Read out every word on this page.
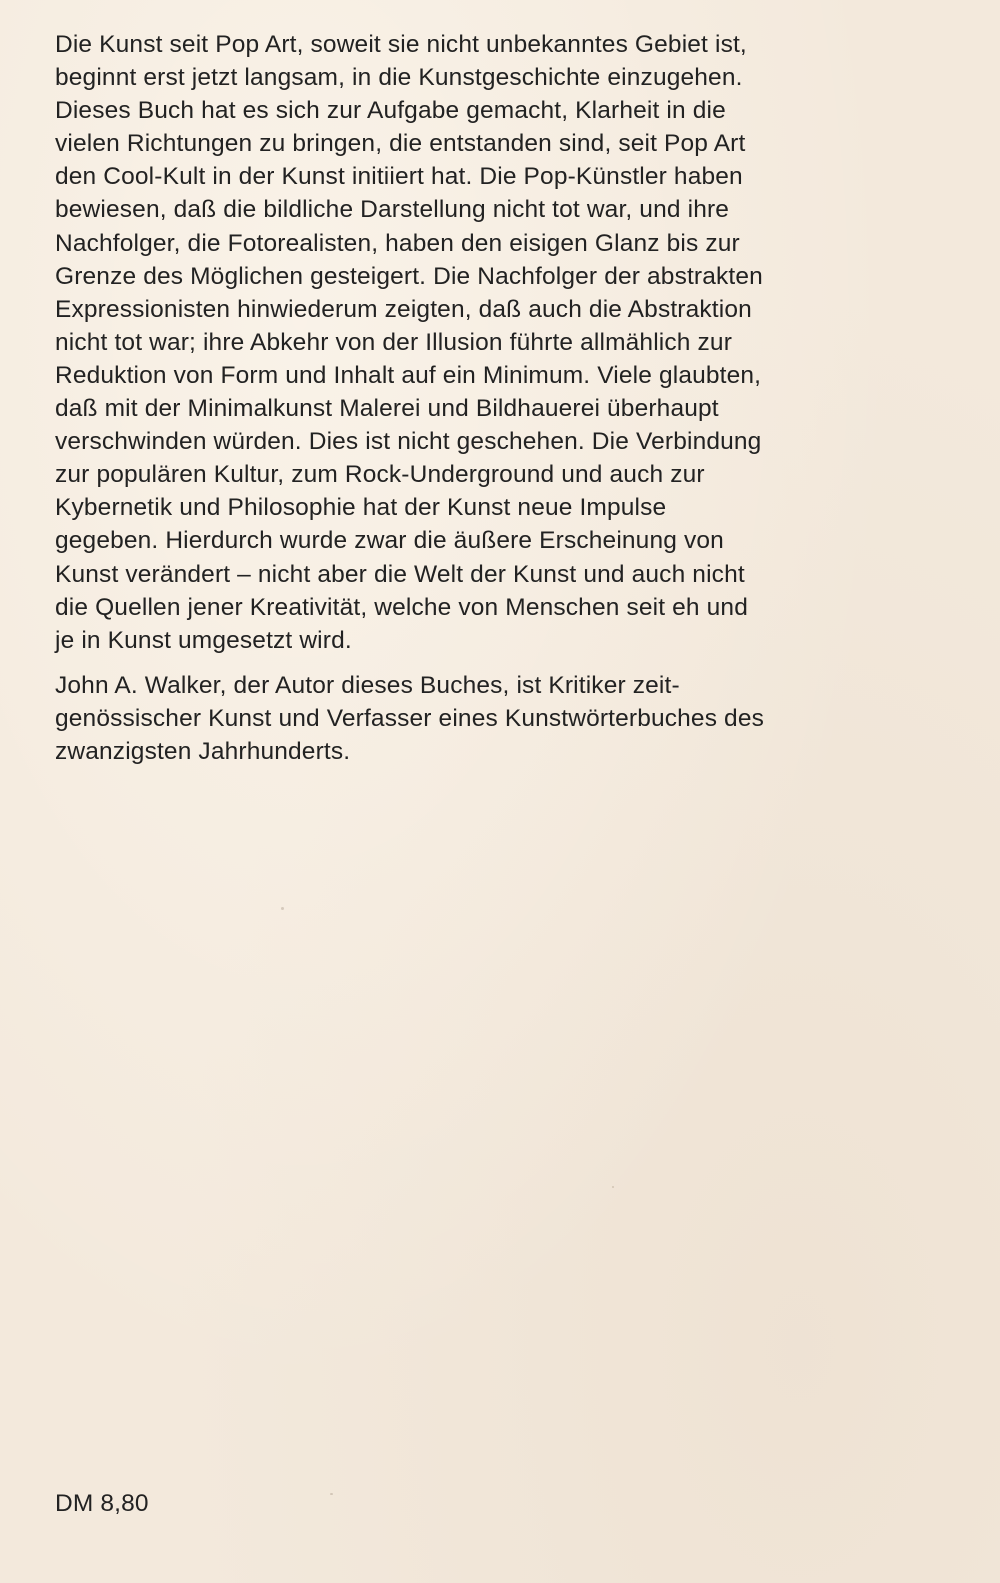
Die Kunst seit Pop Art, soweit sie nicht unbekanntes Gebiet ist,
beginnt erst jetzt langsam, in die Kunstgeschichte einzugehen.
Dieses Buch hat es sich zur Aufgabe gemacht, Klarheit in die
vielen Richtungen zu bringen, die entstanden sind, seit Pop Art
den Cool-Kult in der Kunst initiiert hat. Die Pop-Künstler haben
bewiesen, daß die bildliche Darstellung nicht tot war, und ihre
Nachfolger, die Fotorealisten, haben den eisigen Glanz bis zur
Grenze des Möglichen gesteigert. Die Nachfolger der abstrakten
Expressionisten hinwiederum zeigten, daß auch die Abstraktion
nicht tot war; ihre Abkehr von der Illusion führte allmählich zur
Reduktion von Form und Inhalt auf ein Minimum. Viele glaubten,
daß mit der Minimalkunst Malerei und Bildhauerei überhaupt
verschwinden würden. Dies ist nicht geschehen. Die Verbindung
zur populären Kultur, zum Rock-Underground und auch zur
Kybernetik und Philosophie hat der Kunst neue Impulse
gegeben. Hierdurch wurde zwar die äußere Erscheinung von
Kunst verändert – nicht aber die Welt der Kunst und auch nicht
die Quellen jener Kreativität, welche von Menschen seit eh und
je in Kunst umgesetzt wird.

John A. Walker, der Autor dieses Buches, ist Kritiker zeit-
genössischer Kunst und Verfasser eines Kunstwörterbuches des
zwanzigsten Jahrhunderts.

DM 8,80
